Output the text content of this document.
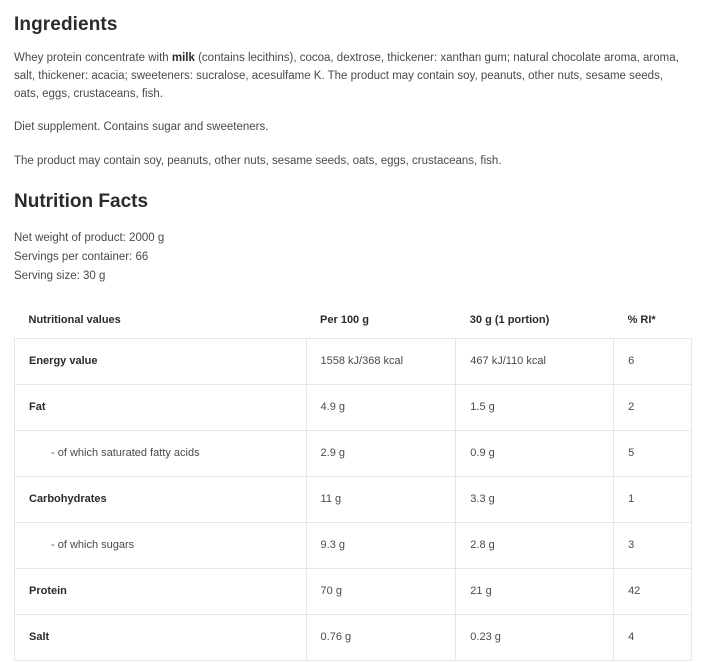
Ingredients

Whey protein concentrate with milk (contains lecithins), cocoa, dextrose, thickener: xanthan gum; natural chocolate aroma, aroma, salt, thickener: acacia; sweeteners: sucralose, acesulfame K. The product may contain soy, peanuts, other nuts, sesame seeds, oats, eggs, crustaceans, fish.

Diet supplement. Contains sugar and sweeteners.

The product may contain soy, peanuts, other nuts, sesame seeds, oats, eggs, crustaceans, fish.

Nutrition Facts
Net weight of product: 2000 g
Servings per container: 66
Serving size: 30 g
Nutritional values	Per 100 g	30 g (1 portion)	% RI*
Energy value	1558 kJ/368 kcal	467 kJ/110 kcal	6
Fat	4.9 g	1.5 g	2
- of which saturated fatty acids	2.9 g	0.9 g	5
Carbohydrates	11 g	3.3 g	1
- of which sugars	9.3 g	2.8 g	3
Protein	70 g	21 g	42
Salt	0.76 g	0.23 g	4
